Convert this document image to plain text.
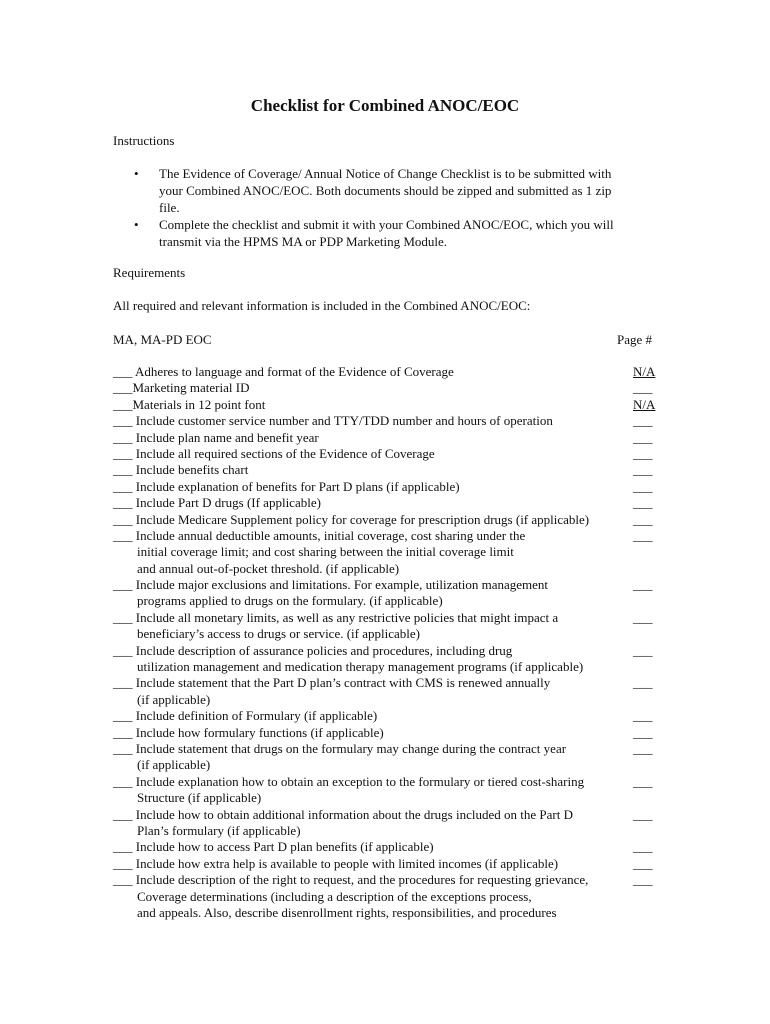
Checklist for Combined ANOC/EOC
Instructions
• The Evidence of Coverage/ Annual Notice of Change Checklist is to be submitted with
your Combined ANOC/EOC. Both documents should be zipped and submitted as 1 zip
file.
• Complete the checklist and submit it with your Combined ANOC/EOC, which you will
transmit via the HPMS MA or PDP Marketing Module.
Requirements
All required and relevant information is included in the Combined ANOC/EOC:
MA, MA-PD EOC	Page #
___ Adheres to language and format of the Evidence of Coverage	N/A
___Marketing material ID	___
___Materials in 12 point font	N/A
___ Include customer service number and TTY/TDD number and hours of operation	___
___ Include plan name and benefit year	___
___ Include all required sections of the Evidence of Coverage	___
___ Include benefits chart	___
___ Include explanation of benefits for Part D plans (if applicable)	___
___ Include Part D drugs (If applicable)	___
___ Include Medicare Supplement policy for coverage for prescription drugs (if applicable)	___
___ Include annual deductible amounts, initial coverage, cost sharing under the	___
initial coverage limit; and cost sharing between the initial coverage limit
and annual out-of-pocket threshold. (if applicable)
___ Include major exclusions and limitations. For example, utilization management	___
programs applied to drugs on the formulary. (if applicable)
___ Include all monetary limits, as well as any restrictive policies that might impact a	___
beneficiary’s access to drugs or service. (if applicable)
___ Include description of assurance policies and procedures, including drug	___
utilization management and medication therapy management programs (if applicable)
___ Include statement that the Part D plan’s contract with CMS is renewed annually	___
(if applicable)
___ Include definition of Formulary (if applicable)	___
___ Include how formulary functions (if applicable)	___
___ Include statement that drugs on the formulary may change during the contract year	___
(if applicable)
___ Include explanation how to obtain an exception to the formulary or tiered cost-sharing	___
Structure (if applicable)
___ Include how to obtain additional information about the drugs included on the Part D	___
Plan’s formulary (if applicable)
___ Include how to access Part D plan benefits (if applicable)	___
___ Include how extra help is available to people with limited incomes (if applicable)	___
___ Include description of the right to request, and the procedures for requesting grievance,	___
Coverage determinations (including a description of the exceptions process,
and appeals. Also, describe disenrollment rights, responsibilities, and procedures
